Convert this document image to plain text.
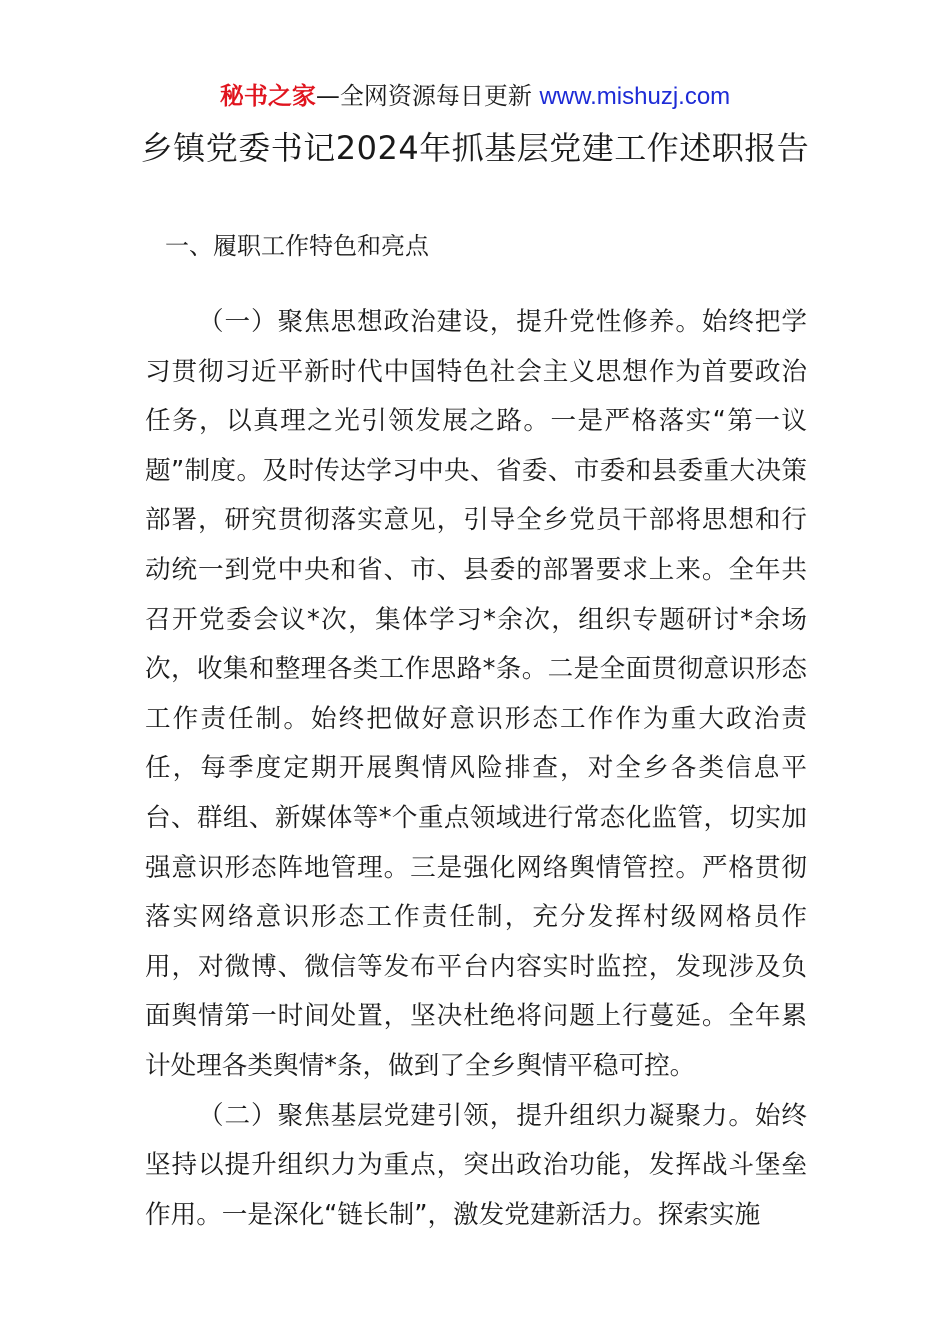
秘书之家—全网资源每日更新 www.mishuzj.com
乡镇党委书记2024年抓基层党建工作述职报告
一、履职工作特色和亮点

（一）聚焦思想政治建设，提升党性修养。始终把学习贯彻习近平新时代中国特色社会主义思想作为首要政治任务，以真理之光引领发展之路。一是严格落实“第一议题”制度。及时传达学习中央、省委、市委和县委重大决策部署，研究贯彻落实意见，引导全乡党员干部将思想和行动统一到党中央和省、市、县委的部署要求上来。全年共召开党委会议*次，集体学习*余次，组织专题研讨*余场次，收集和整理各类工作思路*条。二是全面贯彻意识形态工作责任制。始终把做好意识形态工作作为重大政治责任，每季度定期开展舆情风险排查，对全乡各类信息平台、群组、新媒体等*个重点领域进行常态化监管，切实加强意识形态阵地管理。三是强化网络舆情管控。严格贯彻落实网络意识形态工作责任制，充分发挥村级网格员作用，对微博、微信等发布平台内容实时监控，发现涉及负面舆情第一时间处置，坚决杜绝将问题上行蔓延。全年累计处理各类舆情*条，做到了全乡舆情平稳可控。

（二）聚焦基层党建引领，提升组织力凝聚力。始终坚持以提升组织力为重点，突出政治功能，发挥战斗堡垒作用。一是深化“链长制”，激发党建新活力。探索实施
